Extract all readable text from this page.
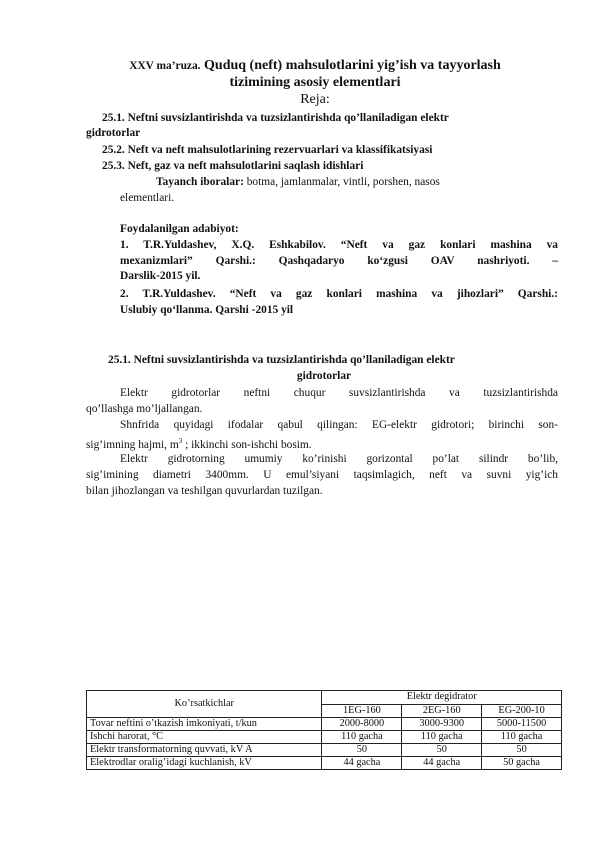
XXV ma’ruza. Quduq (neft) mahsulotlarini yig’ish va tayyorlash
tizimining asosiy elementlari
Reja:
25.1. Neftni suvsizlantirishda va tuzsizlantirishda qo’llaniladigan elektr
gidrotorlar
25.2. Neft va neft mahsulotlarining rezervuarlari va klassifikatsiyasi
25.3. Neft, gaz va neft mahsulotlarini saqlash idishlari
Tayanch iboralar: botma, jamlanmalar, vintli, porshen, nasos
elementlari.
Foydalanilgan adabiyot:
1. T.R.Yuldashev, X.Q. Eshkabilov. “Neft va gaz konlari mashina va
mexanizmlari” Qarshi.: Qashqadaryo ko‘zgusi OAV nashriyoti. –
Darslik-2015 yil.
2. T.R.Yuldashev. “Neft va gaz konlari mashina va jihozlari” Qarshi.:
Uslubiy qo‘llanma. Qarshi -2015 yil
25.1. Neftni suvsizlantirishda va tuzsizlantirishda qo’llaniladigan elektr
gidrotorlar
Elektr gidrotorlar neftni chuqur suvsizlantirishda va tuzsizlantirishda
qo’llashga mo’ljallangan.
Shnfrida quyidagi ifodalar qabul qilingan: EG-elektr gidrotori; birinchi son-
sig’imning hajmi, $m^3$ ; ikkinchi son-ishchi bosim.
Elektr gidrotorning umumiy ko’rinishi gorizontal po’lat silindr bo’lib,
sig’imining diametri 3400mm. U emul’siyani taqsimlagich, neft va suvni yig’ich
bilan jihozlangan va teshilgan quvurlardan tuzilgan.
Ko’rsatkichlar	Elektr degidrator		
	1EG-160	2EG-160	EG-200-10
Tovar neftini o’tkazish imkoniyati, t/kun	2000-8000	3000-9300	5000-11500
Ishchi harorat, °C	110 gacha	110 gacha	110 gacha
Elektr transformatorning quvvati, kV A	50	50	50
Elektrodlar oralig’idagi kuchlanish, kV	44 gacha	44 gacha	50 gacha
